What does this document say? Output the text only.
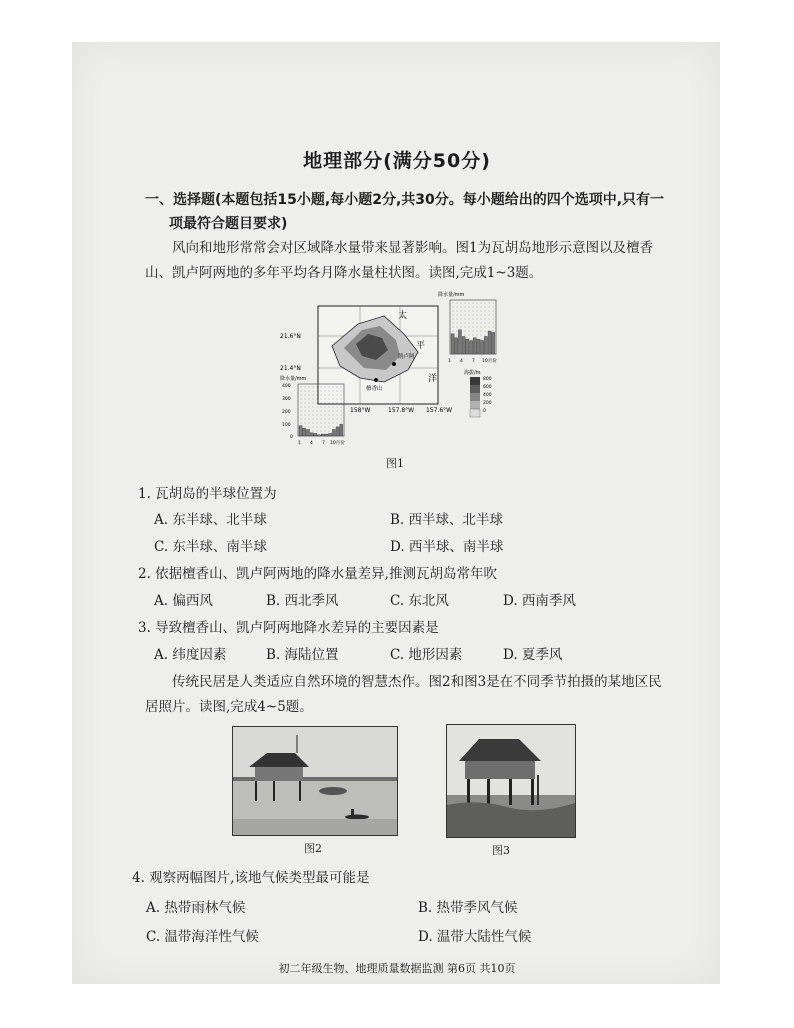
地理部分(满分50分)
一、选择题(本题包括15小题,每小题2分,共30分。每小题给出的四个选项中,只有一
项最符合题目要求)
风向和地形常常会对区域降水量带来显著影响。图1为瓦胡岛地形示意图以及檀香山、凯卢阿两地的多年平均各月降水量柱状图。读图,完成1~3题。
太
平
洋
凯卢阿
檀香山
21.6°N
21.4°N
158°W	157.8°W 157.6°W
降水量/mm
1 4 7 10月份
海拔/m
800
600
400
200
0
降水量/mm
400
300
200
100
0
1 4 7 10月份
图1
1. 瓦胡岛的半球位置为
A. 东半球、北半球	B. 西半球、北半球
C. 东半球、南半球	D. 西半球、南半球
2. 依据檀香山、凯卢阿两地的降水量差异,推测瓦胡岛常年吹
A. 偏西风	B. 西北季风	C. 东北风	D. 西南季风
3. 导致檀香山、凯卢阿两地降水差异的主要因素是
A. 纬度因素	B. 海陆位置	C. 地形因素	D. 夏季风
传统民居是人类适应自然环境的智慧杰作。图2和图3是在不同季节拍摄的某地区民居照片。读图,完成4~5题。
图2	图3
4. 观察两幅图片,该地气候类型最可能是
A. 热带雨林气候	B. 热带季风气候
C. 温带海洋性气候	D. 温带大陆性气候
初二年级生物、地理质量数据监测 第6页 共10页
